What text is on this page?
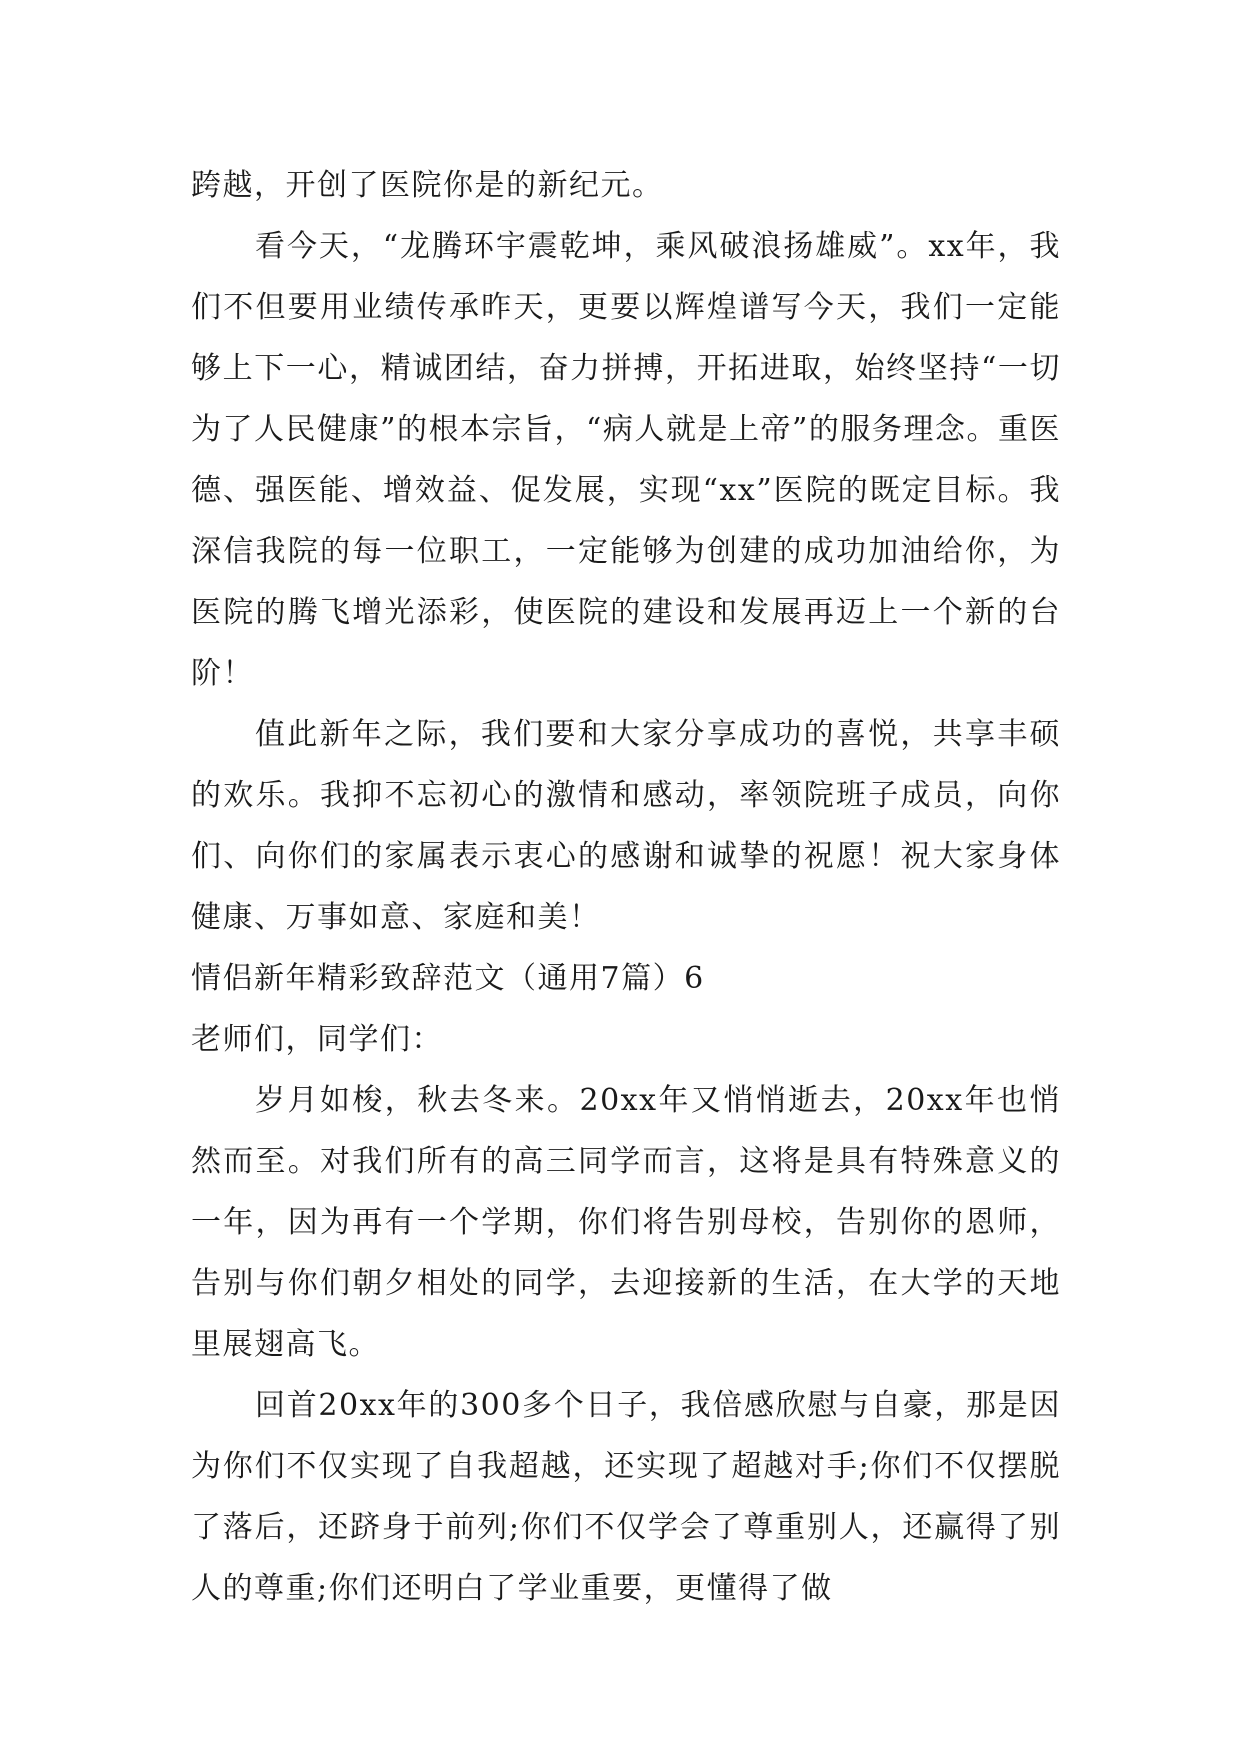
跨越，开创了医院你是的新纪元。

看今天，“龙腾环宇震乾坤，乘风破浪扬雄威”。xx年，我们不但要用业绩传承昨天，更要以辉煌谱写今天，我们一定能够上下一心，精诚团结，奋力拼搏，开拓进取，始终坚持“一切为了人民健康”的根本宗旨，“病人就是上帝”的服务理念。重医德、强医能、增效益、促发展，实现“xx”医院的既定目标。我深信我院的每一位职工，一定能够为创建的成功加油给你，为医院的腾飞增光添彩，使医院的建设和发展再迈上一个新的台阶！

值此新年之际，我们要和大家分享成功的喜悦，共享丰硕的欢乐。我抑不忘初心的激情和感动，率领院班子成员，向你们、向你们的家属表示衷心的感谢和诚挚的祝愿！祝大家身体健康、万事如意、家庭和美！

情侣新年精彩致辞范文（通用7篇）6

老师们，同学们：

岁月如梭，秋去冬来。20xx年又悄悄逝去，20xx年也悄然而至。对我们所有的高三同学而言，这将是具有特殊意义的一年，因为再有一个学期，你们将告别母校，告别你的恩师，告别与你们朝夕相处的同学，去迎接新的生活，在大学的天地里展翅高飞。

回首20xx年的300多个日子，我倍感欣慰与自豪，那是因为你们不仅实现了自我超越，还实现了超越对手;你们不仅摆脱了落后，还跻身于前列;你们不仅学会了尊重别人，还赢得了别人的尊重;你们还明白了学业重要，更懂得了做
